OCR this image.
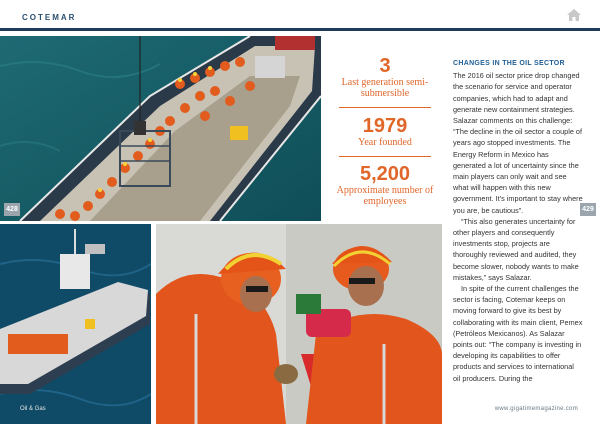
COTEMAR
428	429
3
Last generation semi-submersible
1979
Year founded
5,200
Approximate number of employees
CHANGES IN THE OIL SECTOR

The 2016 oil sector price drop changed the scenario for service and operator companies, which had to adapt and generate new containment strategies. Salazar comments on this challenge: “The decline in the oil sector a couple of years ago stopped investments. The Energy Reform in Mexico has generated a lot of uncertainty since the main players can only wait and see what will happen with this new government. It’s important to stay where you are, be cautious”.

“This also generates uncertainty for other players and consequently investments stop, projects are thoroughly reviewed and audited, they become slower, nobody wants to make mistakes,” says Salazar.

In spite of the current challenges the sector is facing, Cotemar keeps on moving forward to give its best by collaborating with its main client, Pemex (Petróleos Mexicanos). As Salazar points out: “The company is investing in developing its capabilities to offer products and services to international oil producers. During the

Oil & Gas	www.gigatimemagazine.com
